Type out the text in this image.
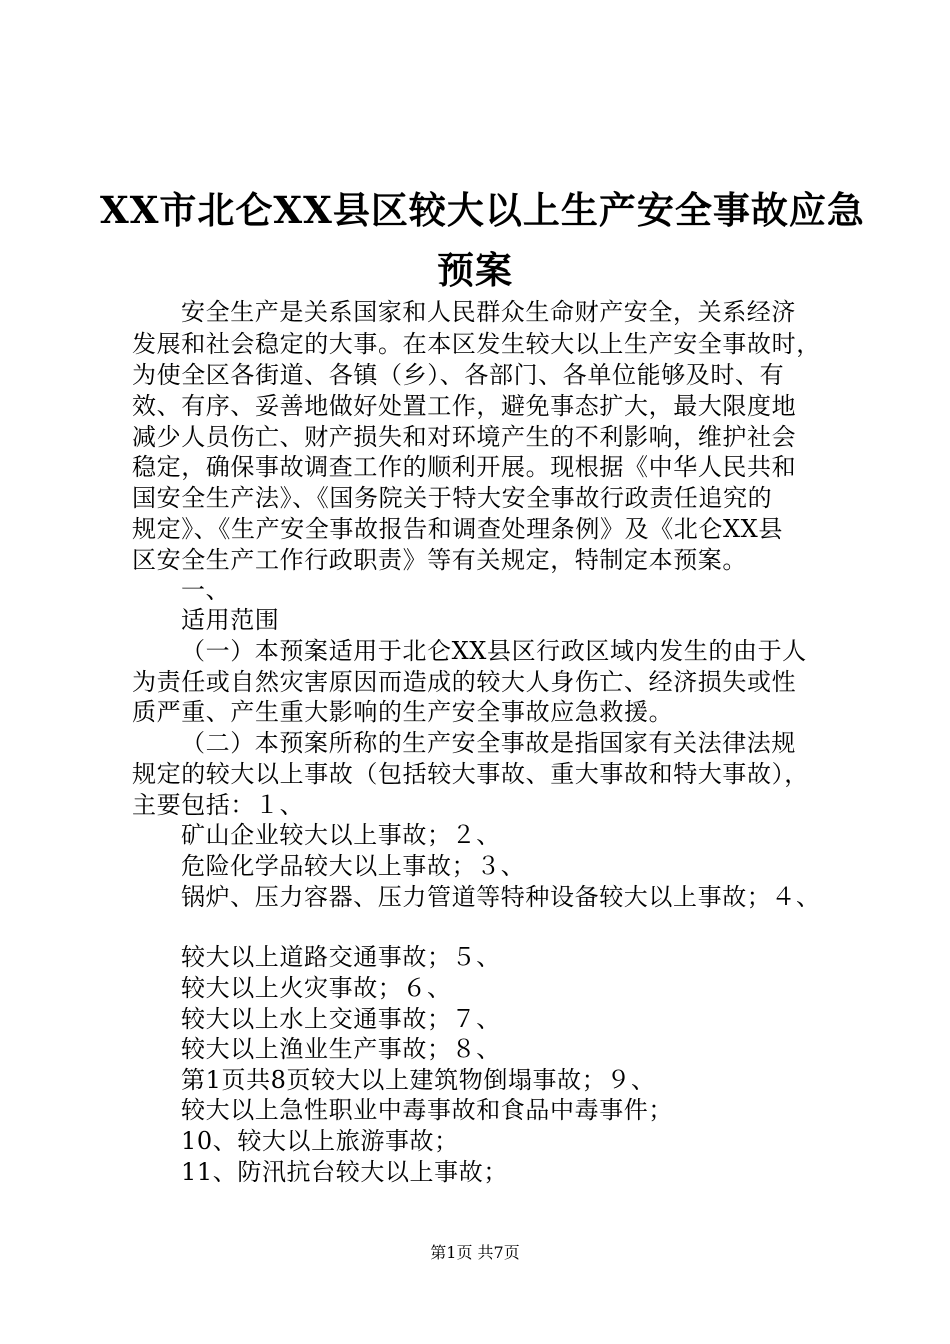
XX市北仑XX县区较大以上生产安全事故应急
预案
安全生产是关系国家和人民群众生命财产安全，关系经济
发展和社会稳定的大事。在本区发生较大以上生产安全事故时，
为使全区各街道、各镇（乡）、各部门、各单位能够及时、有
效、有序、妥善地做好处置工作，避免事态扩大，最大限度地
减少人员伤亡、财产损失和对环境产生的不利影响，维护社会
稳定，确保事故调查工作的顺利开展。现根据《中华人民共和
国安全生产法》、《国务院关于特大安全事故行政责任追究的
规定》、《生产安全事故报告和调查处理条例》及《北仑XX县
区安全生产工作行政职责》等有关规定，特制定本预案。
一、
适用范围
（一）本预案适用于北仑XX县区行政区域内发生的由于人
为责任或自然灾害原因而造成的较大人身伤亡、经济损失或性
质严重、产生重大影响的生产安全事故应急救援。
（二）本预案所称的生产安全事故是指国家有关法律法规
规定的较大以上事故（包括较大事故、重大事故和特大事故），
主要包括：１、
矿山企业较大以上事故；２、
危险化学品较大以上事故；３、
锅炉、压力容器、压力管道等特种设备较大以上事故；４、
较大以上道路交通事故；５、
较大以上火灾事故；６、
较大以上水上交通事故；７、
较大以上渔业生产事故；８、
第1页共8页较大以上建筑物倒塌事故；９、
较大以上急性职业中毒事故和食品中毒事件；
10、较大以上旅游事故；
11、防汛抗台较大以上事故；
第1页 共7页
